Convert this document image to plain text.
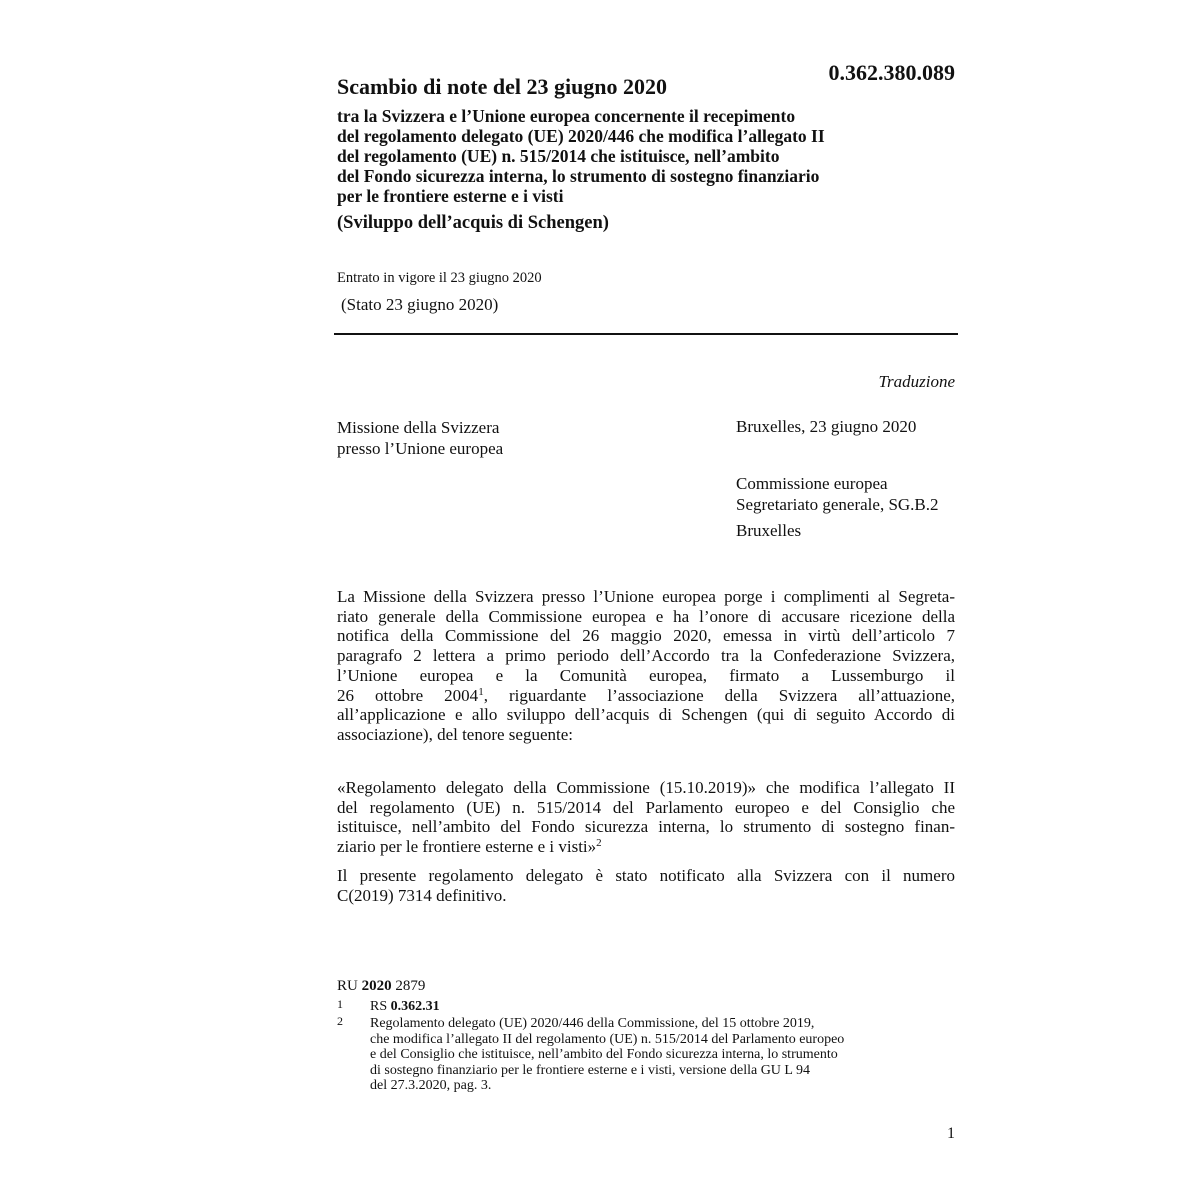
0.362.380.089
Scambio di note del 23 giugno 2020
tra la Svizzera e l’Unione europea concernente il recepimento
del regolamento delegato (UE) 2020/446 che modifica l’allegato II
del regolamento (UE) n. 515/2014 che istituisce, nell’ambito
del Fondo sicurezza interna, lo strumento di sostegno finanziario
per le frontiere esterne e i visti
(Sviluppo dell’acquis di Schengen)
Entrato in vigore il 23 giugno 2020
(Stato 23 giugno 2020)
Traduzione
Missione della Svizzera
presso l’Unione europea
Bruxelles, 23 giugno 2020
Commissione europea
Segretariato generale, SG.B.2
Bruxelles
La Missione della Svizzera presso l’Unione europea porge i complimenti al Segreta-
riato generale della Commissione europea e ha l’onore di accusare ricezione della
notifica della Commissione del 26 maggio 2020, emessa in virtù dell’articolo 7
paragrafo 2 lettera a primo periodo dell’Accordo tra la Confederazione Svizzera,
l’Unione europea e la Comunità europea, firmato a Lussemburgo il
26 ottobre 2004$^1$, riguardante l’associazione della Svizzera all’attuazione,
all’applicazione e allo sviluppo dell’acquis di Schengen (qui di seguito Accordo di
associazione), del tenore seguente:
«Regolamento delegato della Commissione (15.10.2019)» che modifica l’allegato II
del regolamento (UE) n. 515/2014 del Parlamento europeo e del Consiglio che
istituisce, nell’ambito del Fondo sicurezza interna, lo strumento di sostegno finan-
ziario per le frontiere esterne e i visti»$^2$
Il presente regolamento delegato è stato notificato alla Svizzera con il numero
C(2019) 7314 definitivo.
RU 2020 2879
1 RS 0.362.31
2 Regolamento delegato (UE) 2020/446 della Commissione, del 15 ottobre 2019,
che modifica l’allegato II del regolamento (UE) n. 515/2014 del Parlamento europeo
e del Consiglio che istituisce, nell’ambito del Fondo sicurezza interna, lo strumento
di sostegno finanziario per le frontiere esterne e i visti, versione della GU L 94
del 27.3.2020, pag. 3.
1
